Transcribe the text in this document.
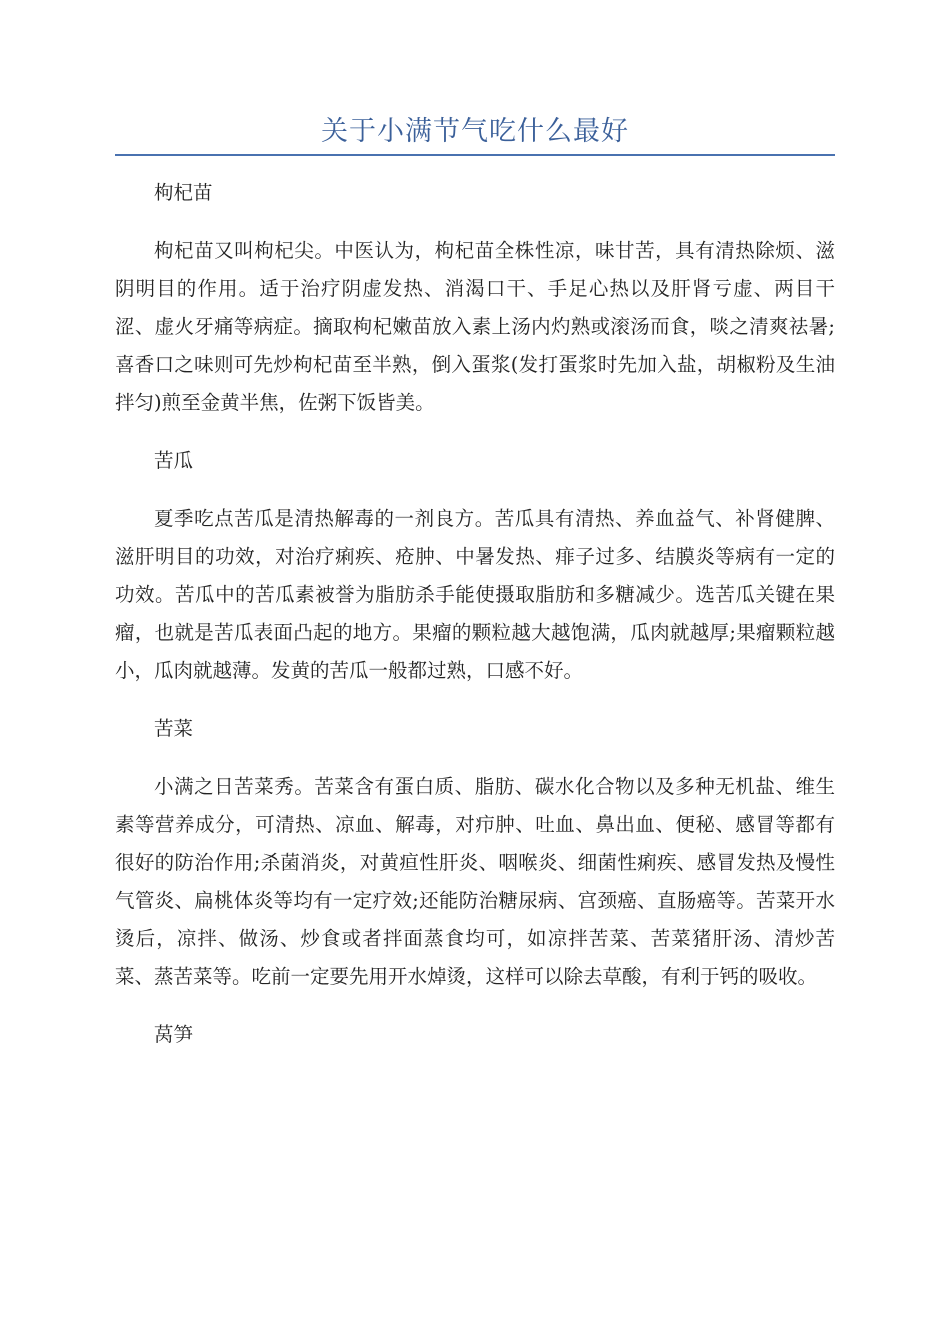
关于小满节气吃什么最好

枸杞苗

枸杞苗又叫枸杞尖。中医认为，枸杞苗全株性凉，味甘苦，具有清热除烦、滋阴明目的作用。适于治疗阴虚发热、消渴口干、手足心热以及肝肾亏虚、两目干涩、虚火牙痛等病症。摘取枸杞嫩苗放入素上汤内灼熟或滚汤而食，啖之清爽祛暑;喜香口之味则可先炒枸杞苗至半熟，倒入蛋浆(发打蛋浆时先加入盐，胡椒粉及生油拌匀)煎至金黄半焦，佐粥下饭皆美。

苦瓜

夏季吃点苦瓜是清热解毒的一剂良方。苦瓜具有清热、养血益气、补肾健脾、滋肝明目的功效，对治疗痢疾、疮肿、中暑发热、痱子过多、结膜炎等病有一定的功效。苦瓜中的苦瓜素被誉为脂肪杀手能使摄取脂肪和多糖减少。选苦瓜关键在果瘤，也就是苦瓜表面凸起的地方。果瘤的颗粒越大越饱满，瓜肉就越厚;果瘤颗粒越小，瓜肉就越薄。发黄的苦瓜一般都过熟，口感不好。

苦菜

小满之日苦菜秀。苦菜含有蛋白质、脂肪、碳水化合物以及多种无机盐、维生素等营养成分，可清热、凉血、解毒，对疖肿、吐血、鼻出血、便秘、感冒等都有很好的防治作用;杀菌消炎，对黄疸性肝炎、咽喉炎、细菌性痢疾、感冒发热及慢性气管炎、扁桃体炎等均有一定疗效;还能防治糖尿病、宫颈癌、直肠癌等。苦菜开水烫后，凉拌、做汤、炒食或者拌面蒸食均可，如凉拌苦菜、苦菜猪肝汤、清炒苦菜、蒸苦菜等。吃前一定要先用开水焯烫，这样可以除去草酸，有利于钙的吸收。

莴笋
